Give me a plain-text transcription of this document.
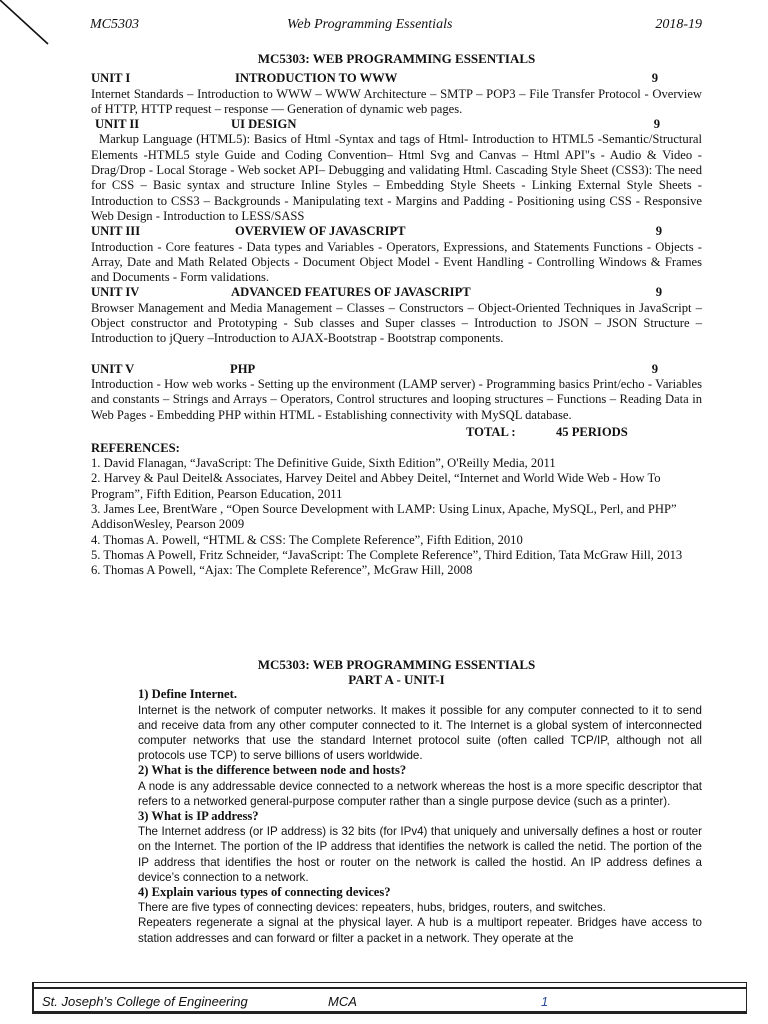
MC5303	Web Programming Essentials	2018-19
MC5303: WEB PROGRAMMING ESSENTIALS
UNIT I	INTRODUCTION TO WWW	9
Internet Standards – Introduction to WWW – WWW Architecture – SMTP – POP3 – File Transfer Protocol - Overview of HTTP, HTTP request – response — Generation of dynamic web pages.
UNIT II	UI DESIGN	9
Markup Language (HTML5): Basics of Html -Syntax and tags of Html- Introduction to HTML5 -Semantic/Structural Elements -HTML5 style Guide and Coding Convention– Html Svg and Canvas – Html API"s - Audio & Video - Drag/Drop - Local Storage - Web socket API– Debugging and validating Html. Cascading Style Sheet (CSS3): The need for CSS – Basic syntax and structure Inline Styles – Embedding Style Sheets - Linking External Style Sheets - Introduction to CSS3 – Backgrounds - Manipulating text - Margins and Padding - Positioning using CSS - Responsive Web Design - Introduction to LESS/SASS
UNIT III	OVERVIEW OF JAVASCRIPT	9
Introduction - Core features - Data types and Variables - Operators, Expressions, and Statements Functions - Objects - Array, Date and Math Related Objects - Document Object Model - Event Handling - Controlling Windows & Frames and Documents - Form validations.
UNIT IV	ADVANCED FEATURES OF JAVASCRIPT	9
Browser Management and Media Management – Classes – Constructors – Object-Oriented Techniques in JavaScript – Object constructor and Prototyping - Sub classes and Super classes – Introduction to JSON – JSON Structure –Introduction to jQuery –Introduction to AJAX-Bootstrap - Bootstrap components.
UNIT V	PHP	9
Introduction - How web works - Setting up the environment (LAMP server) - Programming basics Print/echo - Variables and constants – Strings and Arrays – Operators, Control structures and looping structures – Functions – Reading Data in Web Pages - Embedding PHP within HTML - Establishing connectivity with MySQL database.
TOTAL :	45 PERIODS
REFERENCES:
1. David Flanagan, “JavaScript: The Definitive Guide, Sixth Edition”, O'Reilly Media, 2011
2. Harvey & Paul Deitel& Associates, Harvey Deitel and Abbey Deitel, “Internet and World Wide Web - How To Program”, Fifth Edition, Pearson Education, 2011
3. James Lee, BrentWare , “Open Source Development with LAMP: Using Linux, Apache, MySQL, Perl, and PHP” AddisonWesley, Pearson 2009
4. Thomas A. Powell, “HTML & CSS: The Complete Reference”, Fifth Edition, 2010
5. Thomas A Powell, Fritz Schneider, “JavaScript: The Complete Reference”, Third Edition, Tata McGraw Hill, 2013
6. Thomas A Powell, “Ajax: The Complete Reference”, McGraw Hill, 2008
MC5303: WEB PROGRAMMING ESSENTIALS
PART A - UNIT-I
1) Define Internet.
Internet is the network of computer networks. It makes it possible for any computer connected to it to send and receive data from any other computer connected to it. The Internet is a global system of interconnected computer networks that use the standard Internet protocol suite (often called TCP/IP, although not all protocols use TCP) to serve billions of users worldwide.
2) What is the difference between node and hosts?
A node is any addressable device connected to a network whereas the host is a more specific descriptor that refers to a networked general-purpose computer rather than a single purpose device (such as a printer).
3) What is IP address?
The Internet address (or IP address) is 32 bits (for IPv4) that uniquely and universally defines a host or router on the Internet. The portion of the IP address that identifies the network is called the netid. The portion of the IP address that identifies the host or router on the network is called the hostid. An IP address defines a device’s connection to a network.
4) Explain various types of connecting devices?
There are five types of connecting devices: repeaters, hubs, bridges, routers, and switches.
Repeaters regenerate a signal at the physical layer. A hub is a multiport repeater. Bridges have access to station addresses and can forward or filter a packet in a network. They operate at the
St. Joseph’s College of Engineering	MCA	1
